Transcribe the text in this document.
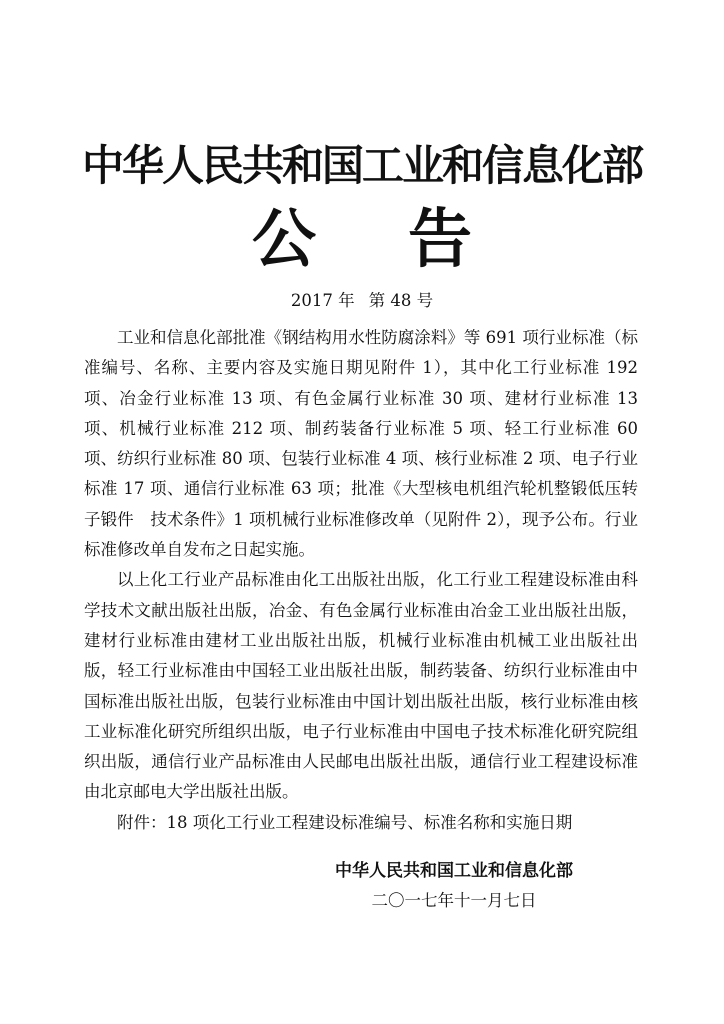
中华人民共和国工业和信息化部
公 告
2017 年 第 48 号

工业和信息化部批准《钢结构用水性防腐涂料》等 691 项行业标准（标准编号、名称、主要内容及实施日期见附件 1），其中化工行业标准 192 项、冶金行业标准 13 项、有色金属行业标准 30 项、建材行业标准 13 项、机械行业标准 212 项、制药装备行业标准 5 项、轻工行业标准 60 项、纺织行业标准 80 项、包装行业标准 4 项、核行业标准 2 项、电子行业标准 17 项、通信行业标准 63 项；批准《大型核电机组汽轮机整锻低压转子锻件　技术条件》1 项机械行业标准修改单（见附件 2），现予公布。行业标准修改单自发布之日起实施。

以上化工行业产品标准由化工出版社出版，化工行业工程建设标准由科学技术文献出版社出版，冶金、有色金属行业标准由冶金工业出版社出版，建材行业标准由建材工业出版社出版，机械行业标准由机械工业出版社出版，轻工行业标准由中国轻工业出版社出版，制药装备、纺织行业标准由中国标准出版社出版，包装行业标准由中国计划出版社出版，核行业标准由核工业标准化研究所组织出版，电子行业标准由中国电子技术标准化研究院组织出版，通信行业产品标准由人民邮电出版社出版，通信行业工程建设标准由北京邮电大学出版社出版。

附件：18 项化工行业工程建设标准编号、标准名称和实施日期

中华人民共和国工业和信息化部
二〇一七年十一月七日
